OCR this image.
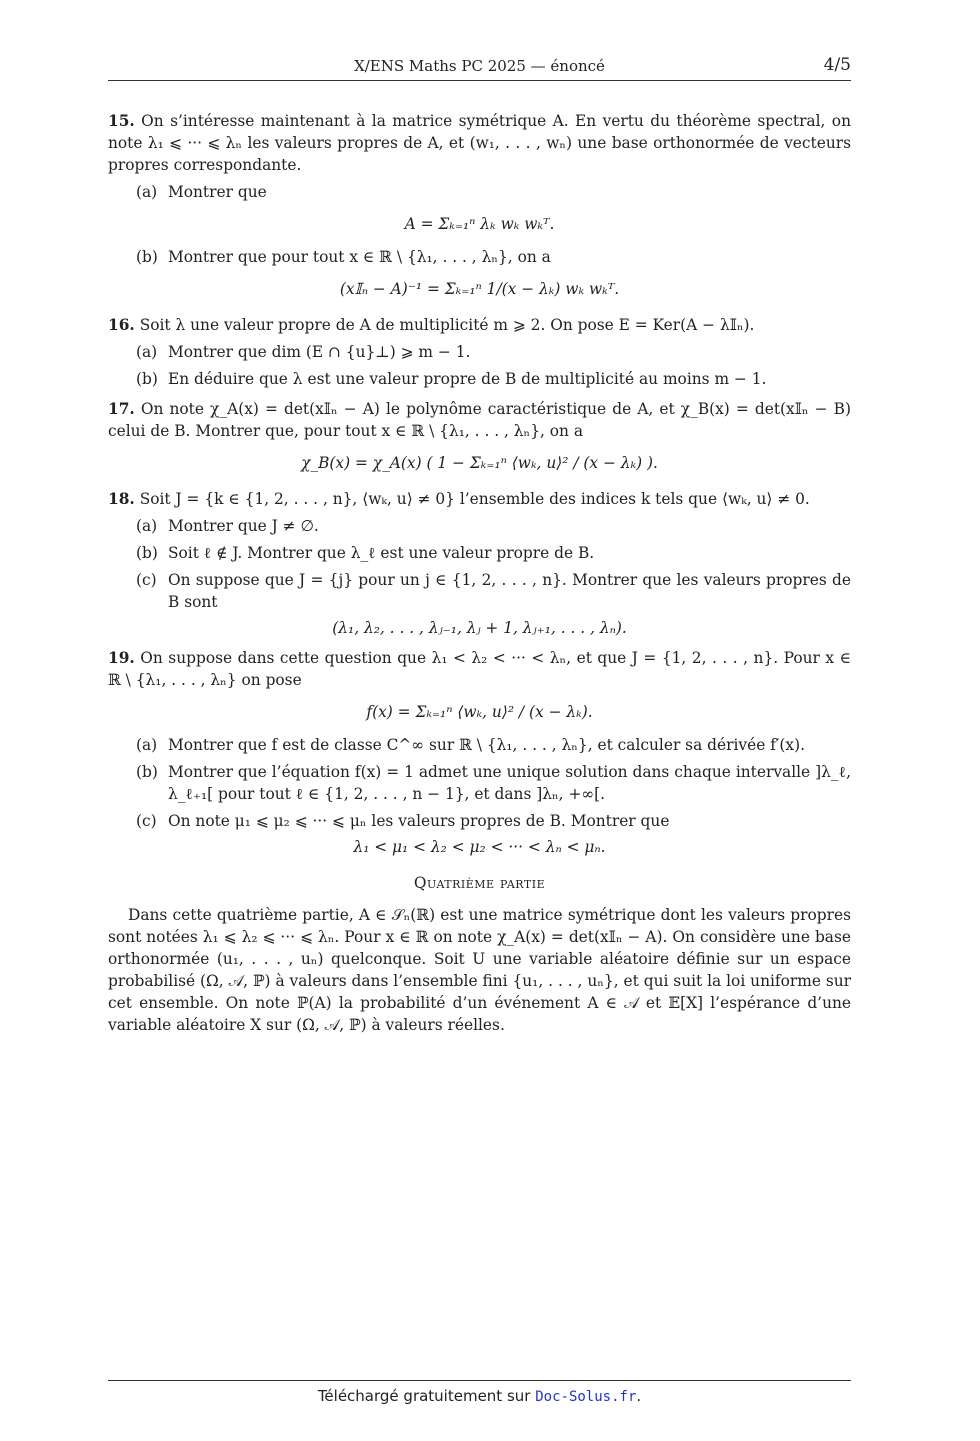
X/ENS Maths PC 2025 — énoncé	4/5

15. On s’intéresse maintenant à la matrice symétrique A. En vertu du théorème spectral, on note λ₁ ⩽ ··· ⩽ λₙ les valeurs propres de A, et (w₁, . . . , wₙ) une base orthonormée de vecteurs propres correspondante.

(a) Montrer que

A = Σₖ₌₁ⁿ λₖ wₖ wₖᵀ.

(b) Montrer que pour tout x ∈ ℝ \ {λ₁, . . . , λₙ}, on a

(x𝕀ₙ − A)⁻¹ = Σₖ₌₁ⁿ 1/(x − λₖ) wₖ wₖᵀ.

16. Soit λ une valeur propre de A de multiplicité m ⩾ 2. On pose E = Ker(A − λ𝕀ₙ).

(a) Montrer que dim (E ∩ {u}⊥) ⩾ m − 1.

(b) En déduire que λ est une valeur propre de B de multiplicité au moins m − 1.

17. On note χ_A(x) = det(x𝕀ₙ − A) le polynôme caractéristique de A, et χ_B(x) = det(x𝕀ₙ − B) celui de B. Montrer que, pour tout x ∈ ℝ \ {λ₁, . . . , λₙ}, on a

χ_B(x) = χ_A(x) ( 1 − Σₖ₌₁ⁿ ⟨wₖ, u⟩² / (x − λₖ) ).

18. Soit J = {k ∈ {1, 2, . . . , n}, ⟨wₖ, u⟩ ≠ 0} l’ensemble des indices k tels que ⟨wₖ, u⟩ ≠ 0.

(a) Montrer que J ≠ ∅.

(b) Soit ℓ ∉ J. Montrer que λ_ℓ est une valeur propre de B.

(c) On suppose que J = {j} pour un j ∈ {1, 2, . . . , n}. Montrer que les valeurs propres de B sont

(λ₁, λ₂, . . . , λⱼ₋₁, λⱼ + 1, λⱼ₊₁, . . . , λₙ).

19. On suppose dans cette question que λ₁ < λ₂ < ··· < λₙ, et que J = {1, 2, . . . , n}. Pour x ∈ ℝ \ {λ₁, . . . , λₙ} on pose

f(x) = Σₖ₌₁ⁿ ⟨wₖ, u⟩² / (x − λₖ).

(a) Montrer que f est de classe C^∞ sur ℝ \ {λ₁, . . . , λₙ}, et calculer sa dérivée f′(x).

(b) Montrer que l’équation f(x) = 1 admet une unique solution dans chaque intervalle ]λ_ℓ, λ_ℓ₊₁[ pour tout ℓ ∈ {1, 2, . . . , n − 1}, et dans ]λₙ, +∞[.

(c) On note μ₁ ⩽ μ₂ ⩽ ··· ⩽ μₙ les valeurs propres de B. Montrer que

λ₁ < μ₁ < λ₂ < μ₂ < ··· < λₙ < μₙ.
Quatrième partie

Dans cette quatrième partie, A ∈ 𝒮ₙ(ℝ) est une matrice symétrique dont les valeurs propres sont notées λ₁ ⩽ λ₂ ⩽ ··· ⩽ λₙ. Pour x ∈ ℝ on note χ_A(x) = det(x𝕀ₙ − A). On considère une base orthonormée (u₁, . . . , uₙ) quelconque. Soit U une variable aléatoire définie sur un espace probabilisé (Ω, 𝒜, ℙ) à valeurs dans l’ensemble fini {u₁, . . . , uₙ}, et qui suit la loi uniforme sur cet ensemble. On note ℙ(A) la probabilité d’un événement A ∈ 𝒜 et 𝔼[X] l’espérance d’une variable aléatoire X sur (Ω, 𝒜, ℙ) à valeurs réelles.

Téléchargé gratuitement sur Doc-Solus.fr.
